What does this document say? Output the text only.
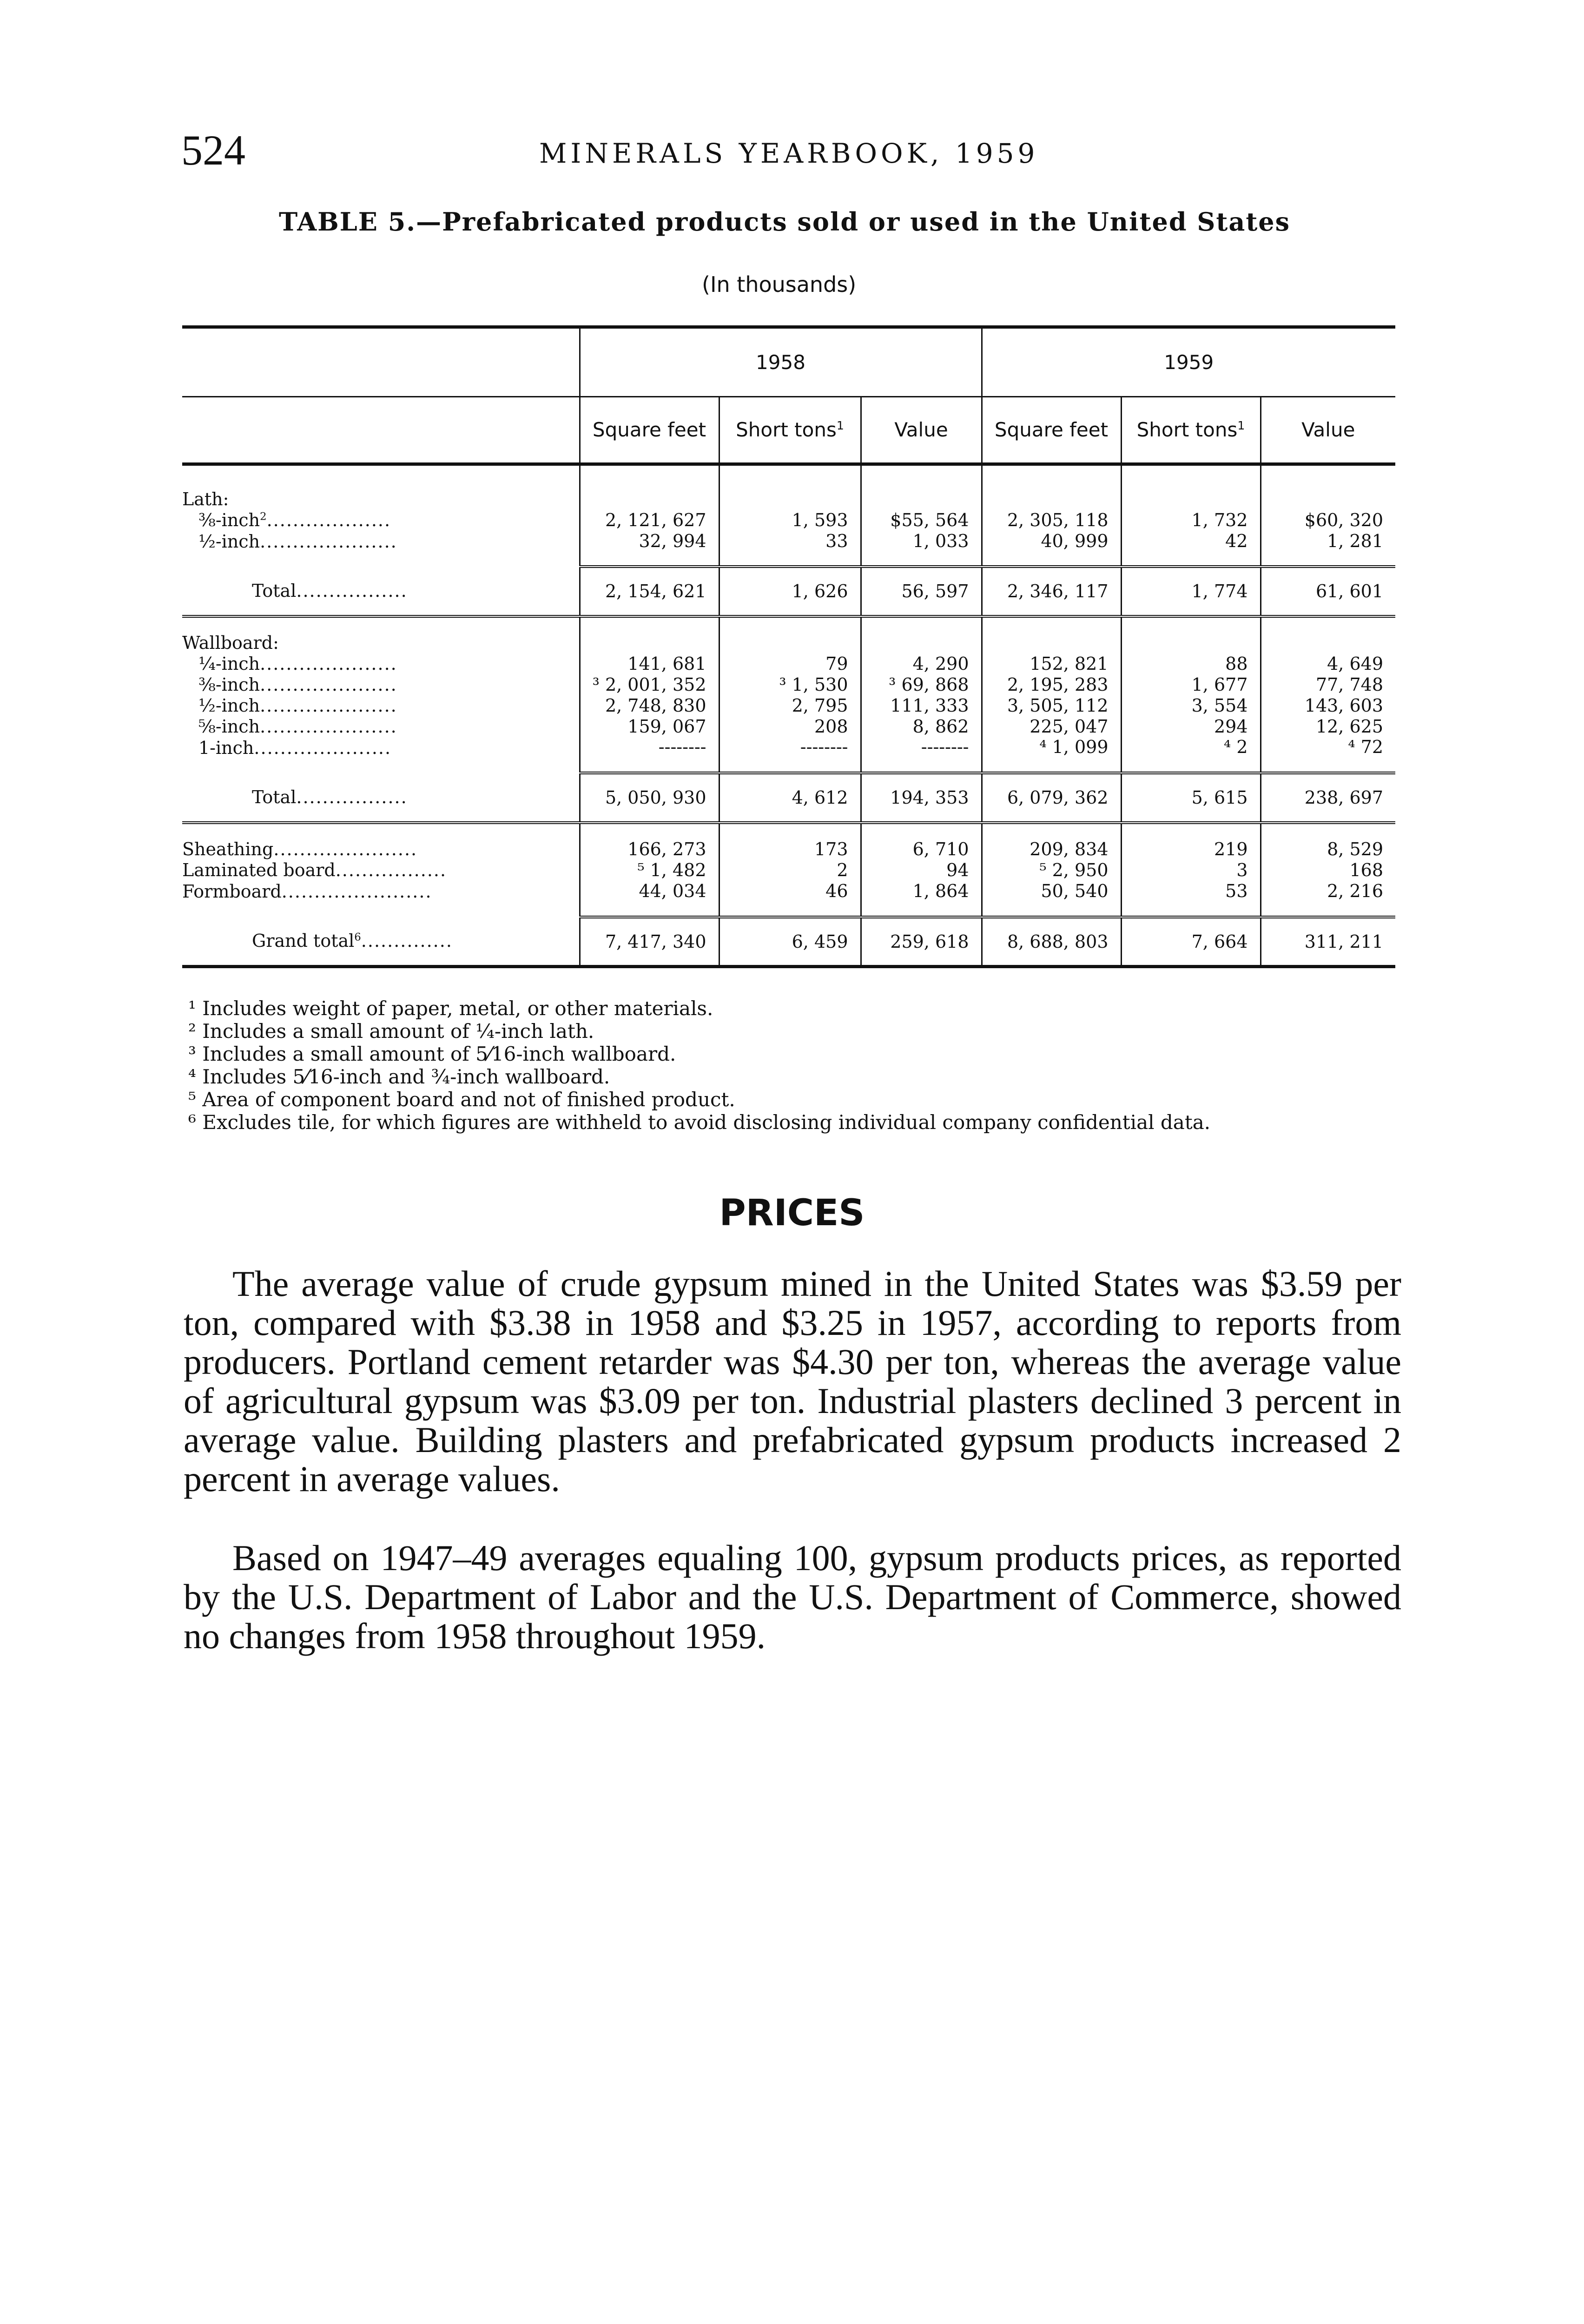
524	MINERALS YEARBOOK, 1959
TABLE 5.—Prefabricated products sold or used in the United States
(In thousands)

	1958			1959		
	Square feet	Short tons$^1$	Value	Square feet	Short tons$^1$	Value
Lath:						
⅜-inch$^2$...................	2, 121, 627	1, 593	$55, 564	2, 305, 118	1, 732	$60, 320
½-inch.....................	32, 994	33	1, 033	40, 999	42	1, 281
Total.................	2, 154, 621	1, 626	56, 597	2, 346, 117	1, 774	61, 601
Wallboard:						
¼-inch.....................	141, 681	79	4, 290	152, 821	88	4, 649
⅜-inch.....................	³ 2, 001, 352	³ 1, 530	³ 69, 868	2, 195, 283	1, 677	77, 748
½-inch.....................	2, 748, 830	2, 795	111, 333	3, 505, 112	3, 554	143, 603
⅝-inch.....................	159, 067	208	8, 862	225, 047	294	12, 625
1-inch.....................	--------	--------	--------	⁴ 1, 099	⁴ 2	⁴ 72
Total.................	5, 050, 930	4, 612	194, 353	6, 079, 362	5, 615	238, 697
Sheathing......................	166, 273	173	6, 710	209, 834	219	8, 529
Laminated board.................	⁵ 1, 482	2	94	⁵ 2, 950	3	168
Formboard.......................	44, 034	46	1, 864	50, 540	53	2, 216
Grand total$^6$..............	7, 417, 340	6, 459	259, 618	8, 688, 803	7, 664	311, 211
¹ Includes weight of paper, metal, or other materials.
² Includes a small amount of ¼-inch lath.
³ Includes a small amount of 5⁄16-inch wallboard.
⁴ Includes 5⁄16-inch and ¾-inch wallboard.
⁵ Area of component board and not of finished product.
⁶ Excludes tile, for which figures are withheld to avoid disclosing individual company confidential data.
PRICES

The average value of crude gypsum mined in the United States was $3.59 per ton, compared with $3.38 in 1958 and $3.25 in 1957, according to reports from producers. Portland cement retarder was $4.30 per ton, whereas the average value of agricultural gypsum was $3.09 per ton. Industrial plasters declined 3 percent in average value. Building plasters and prefabricated gypsum products increased 2 percent in average values.

Based on 1947–49 averages equaling 100, gypsum products prices, as reported by the U.S. Department of Labor and the U.S. Department of Commerce, showed no changes from 1958 throughout 1959.
